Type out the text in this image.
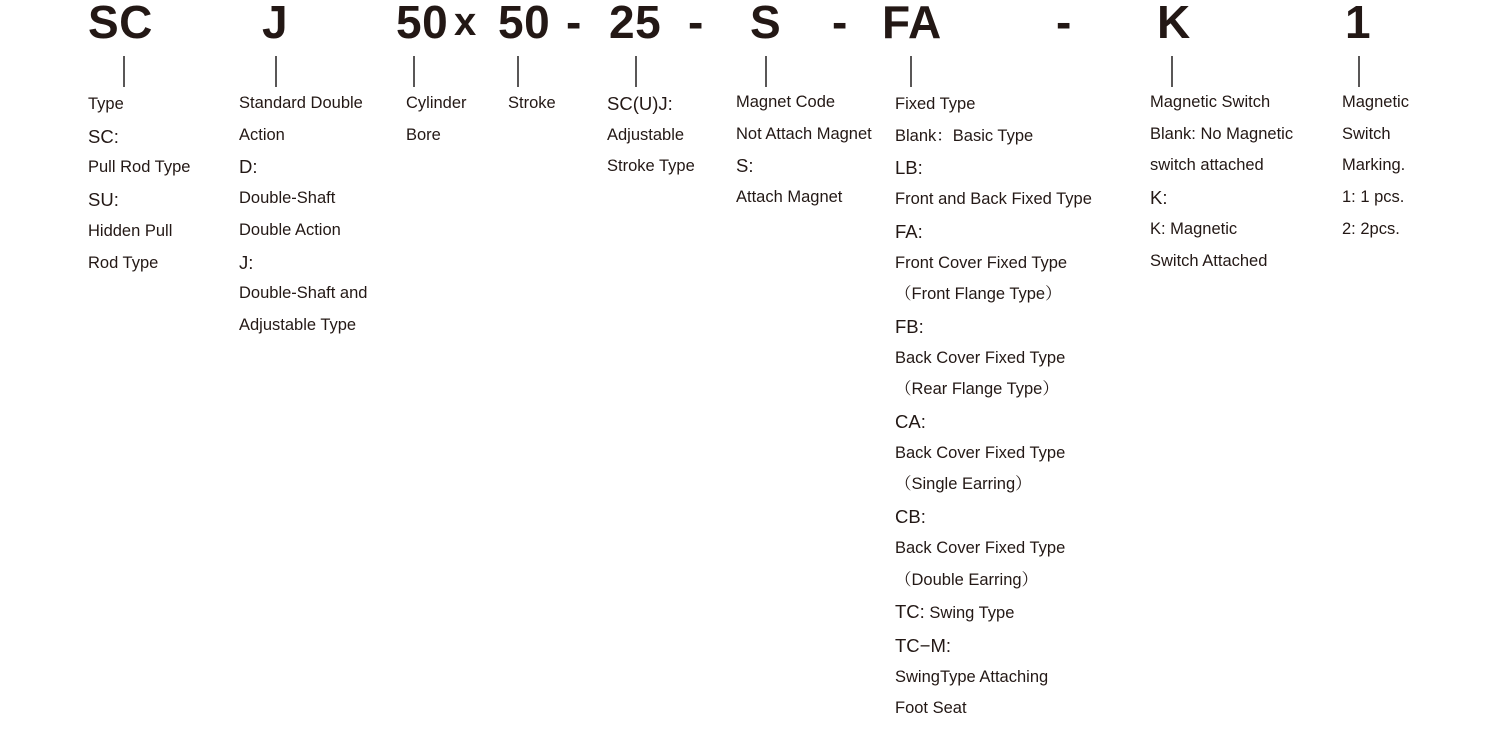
SC J 50 x 50 - 25 - S - FA - K	1
Type
SC:
Pull Rod Type
SU:
Hidden Pull
Rod Type
Standard Double
Action
D:
Double-Shaft
Double Action
J:
Double-Shaft and
Adjustable Type
Cylinder
Bore
Stroke	SC(U)J:
Adjustable
Stroke Type
Magnet Code
Not Attach Magnet
S:
Attach Magnet
Fixed Type
Blank：Basic Type
LB:
Front and Back Fixed Type
FA:
Front Cover Fixed Type
（Front Flange Type）
FB:
Back Cover Fixed Type
（Rear Flange Type）
CA:
Back Cover Fixed Type
（Single Earring）
CB:
Back Cover Fixed Type
（Double Earring）
TC: Swing Type
TC−M:
SwingType Attaching
Foot Seat
Magnetic Switch
Blank: No Magnetic
switch attached
K:
K: Magnetic
Switch Attached
Magnetic
Switch
Marking.
1: 1 pcs.
2: 2pcs.
